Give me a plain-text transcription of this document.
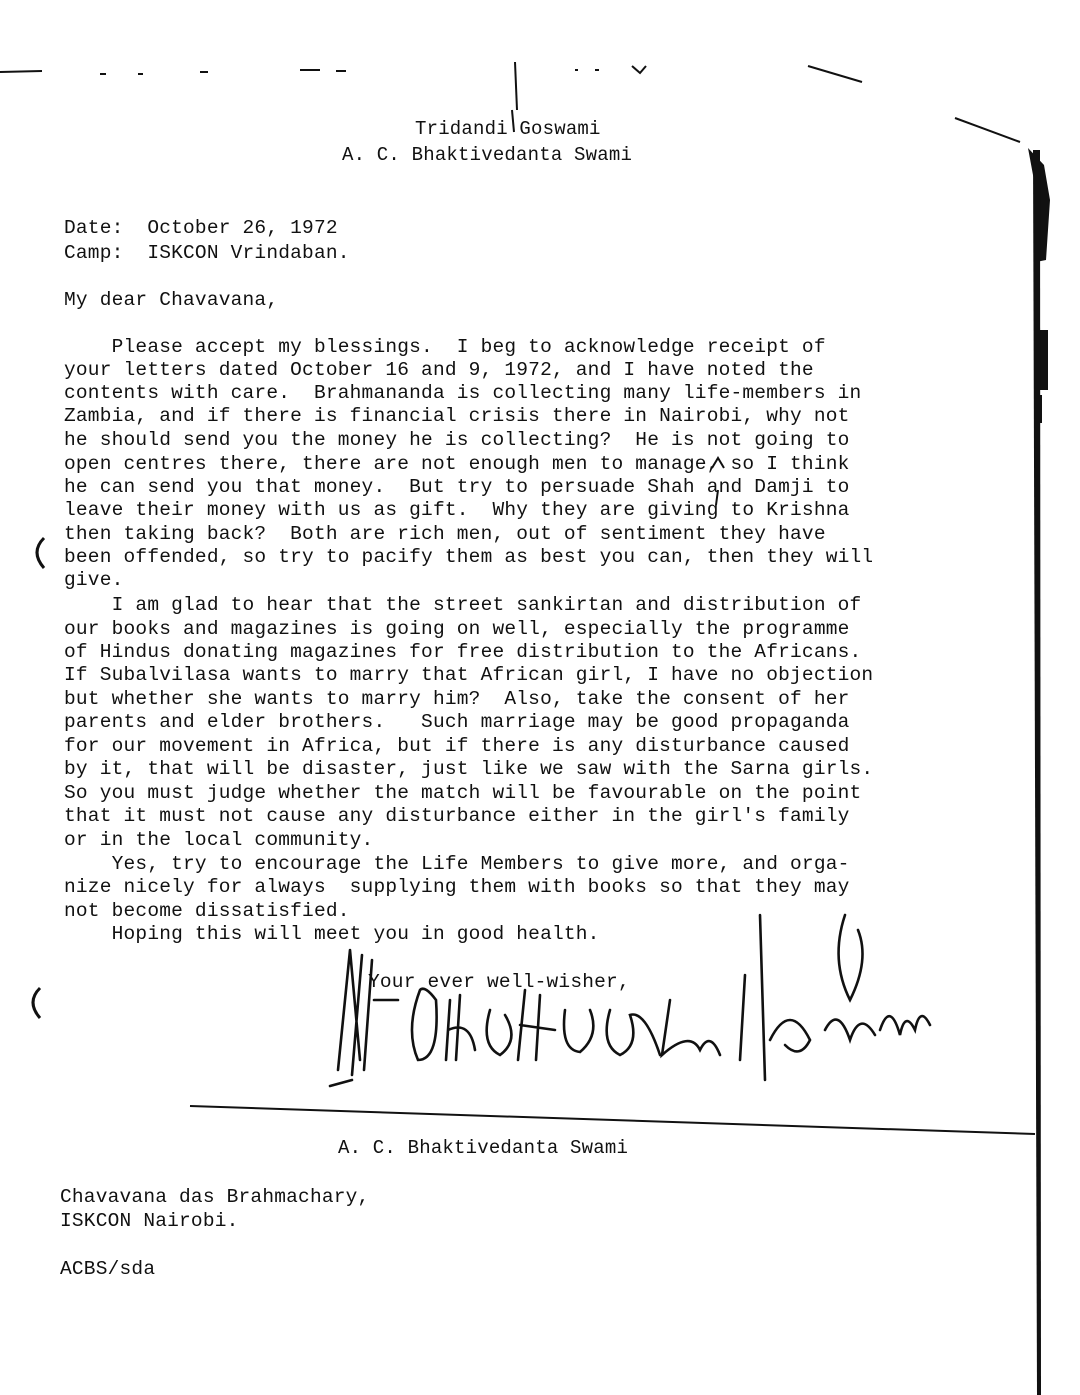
Tridandi Goswami
A. C. Bhaktivedanta Swami
Date:  October 26, 1972
Camp:  ISKCON Vrindaban.
My dear Chavavana,
Please accept my blessings.  I beg to acknowledge receipt of
your letters dated October 16 and 9, 1972, and I have noted the
contents with care.  Brahmananda is collecting many life-members in
Zambia, and if there is financial crisis there in Nairobi, why not
he should send you the money he is collecting?  He is not going to
open centres there, there are not enough men to manage, so I think
he can send you that money.  But try to persuade Shah and Damji to
leave their money with us as gift.  Why they are giving to Krishna
then taking back?  Both are rich men, out of sentiment they have
been offended, so try to pacify them as best you can, then they will
give.
I am glad to hear that the street sankirtan and distribution of
our books and magazines is going on well, especially the programme
of Hindus donating magazines for free distribution to the Africans.
If Subalvilasa wants to marry that African girl, I have no objection
but whether she wants to marry him?  Also, take the consent of her
parents and elder brothers.   Such marriage may be good propaganda
for our movement in Africa, but if there is any disturbance caused
by it, that will be disaster, just like we saw with the Sarna girls.
So you must judge whether the match will be favourable on the point
that it must not cause any disturbance either in the girl's family
or in the local community.
Yes, try to encourage the Life Members to give more, and orga-
nize nicely for always  supplying them with books so that they may
not become dissatisfied.
Hoping this will meet you in good health.
Your ever well-wisher,
A. C. Bhaktivedanta Swami
Chavavana das Brahmachary,
ISKCON Nairobi.
ACBS/sda
